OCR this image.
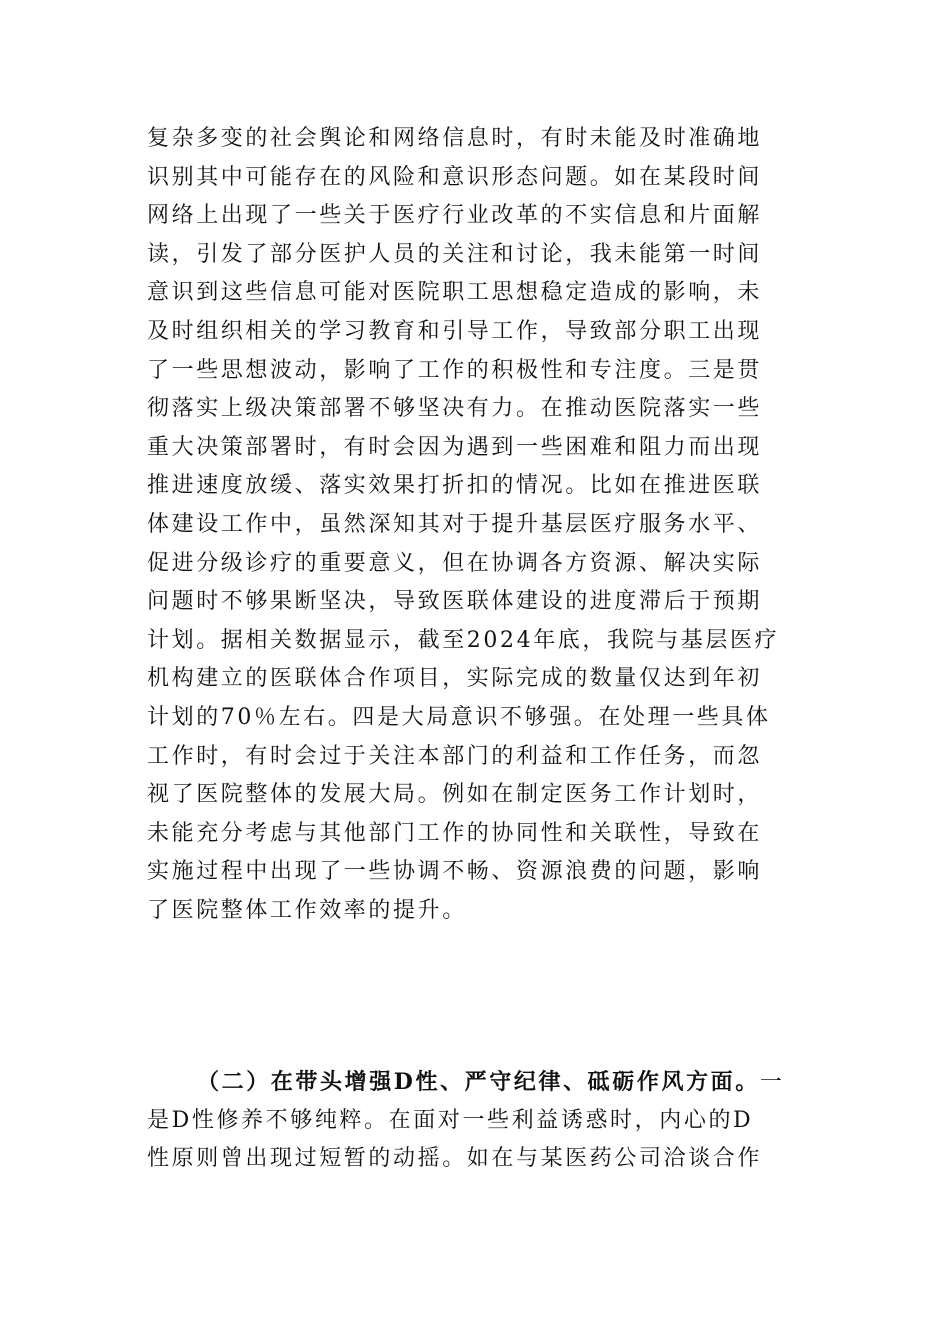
复杂多变的社会舆论和网络信息时，有时未能及时准确地
识别其中可能存在的风险和意识形态问题。如在某段时间
网络上出现了一些关于医疗行业改革的不实信息和片面解
读，引发了部分医护人员的关注和讨论，我未能第一时间
意识到这些信息可能对医院职工思想稳定造成的影响，未
及时组织相关的学习教育和引导工作，导致部分职工出现
了一些思想波动，影响了工作的积极性和专注度。三是贯
彻落实上级决策部署不够坚决有力。在推动医院落实一些
重大决策部署时，有时会因为遇到一些困难和阻力而出现
推进速度放缓、落实效果打折扣的情况。比如在推进医联
体建设工作中，虽然深知其对于提升基层医疗服务水平、
促进分级诊疗的重要意义，但在协调各方资源、解决实际
问题时不够果断坚决，导致医联体建设的进度滞后于预期
计划。据相关数据显示，截至2024年底，我院与基层医疗
机构建立的医联体合作项目，实际完成的数量仅达到年初
计划的70％左右。四是大局意识不够强。在处理一些具体
工作时，有时会过于关注本部门的利益和工作任务，而忽
视了医院整体的发展大局。例如在制定医务工作计划时，
未能充分考虑与其他部门工作的协同性和关联性，导致在
实施过程中出现了一些协调不畅、资源浪费的问题，影响
了医院整体工作效率的提升。
（二）在带头增强D性、严守纪律、砥砺作风方面。一
是D性修养不够纯粹。在面对一些利益诱惑时，内心的D
性原则曾出现过短暂的动摇。如在与某医药公司洽谈合作
